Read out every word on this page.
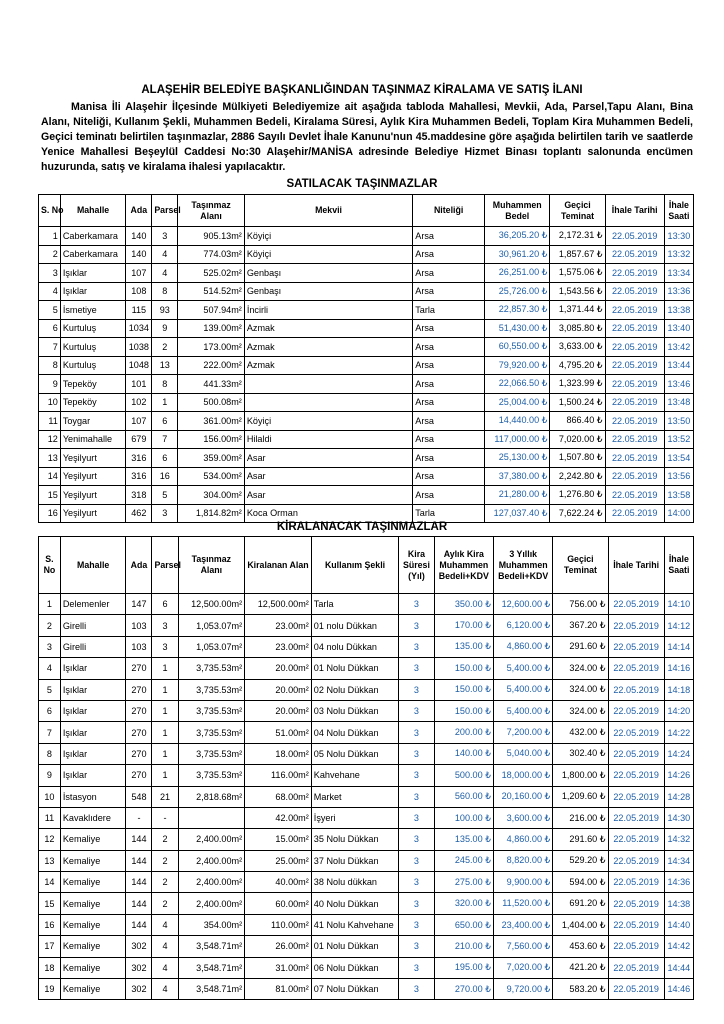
ALAŞEHİR BELEDİYE BAŞKANLIĞINDAN TAŞINMAZ KİRALAMA VE SATIŞ İLANI
Manisa İli Alaşehir İlçesinde Mülkiyeti Belediyemize ait aşağıda tabloda Mahallesi, Mevkii, Ada, Parsel,Tapu Alanı, Bina Alanı, Niteliği, Kullanım Şekli, Muhammen Bedeli, Kiralama Süresi, Aylık Kira Muhammen Bedeli, Toplam Kira Muhammen Bedeli, Geçici teminatı belirtilen taşınmazlar, 2886 Sayılı Devlet İhale Kanunu'nun 45.maddesine göre aşağıda belirtilen tarih ve saatlerde Yenice Mahallesi Beşeylül Caddesi No:30 Alaşehir/MANİSA adresinde Belediye Hizmet Binası toplantı salonunda encümen huzurunda, satış ve kiralama ihalesi yapılacaktır.
SATILACAK TAŞINMAZLAR
S. No	Mahalle	Ada	Parsel	Taşınmaz Alanı	Mekvii	Niteliği	Muhammen Bedel	Geçici Teminat	İhale Tarihi	İhale Saati
1	Caberkamara	140	3	905.13m²	Köyiçi	Arsa	36,205.20 ₺	2,172.31 ₺	22.05.2019	13:30
2	Caberkamara	140	4	774.03m²	Köyiçi	Arsa	30,961.20 ₺	1,857.67 ₺	22.05.2019	13:32
3	Işıklar	107	4	525.02m²	Genbaşı	Arsa	26,251.00 ₺	1,575.06 ₺	22.05.2019	13:34
4	Işıklar	108	8	514.52m²	Genbaşı	Arsa	25,726.00 ₺	1,543.56 ₺	22.05.2019	13:36
5	İsmetiye	115	93	507.94m²	İncirli	Tarla	22,857.30 ₺	1,371.44 ₺	22.05.2019	13:38
6	Kurtuluş	1034	9	139.00m²	Azmak	Arsa	51,430.00 ₺	3,085.80 ₺	22.05.2019	13:40
7	Kurtuluş	1038	2	173.00m²	Azmak	Arsa	60,550.00 ₺	3,633.00 ₺	22.05.2019	13:42
8	Kurtuluş	1048	13	222.00m²	Azmak	Arsa	79,920.00 ₺	4,795.20 ₺	22.05.2019	13:44
9	Tepeköy	101	8	441.33m²		Arsa	22,066.50 ₺	1,323.99 ₺	22.05.2019	13:46
10	Tepeköy	102	1	500.08m²		Arsa	25,004.00 ₺	1,500.24 ₺	22.05.2019	13:48
11	Toygar	107	6	361.00m²	Köyiçi	Arsa	14,440.00 ₺	866.40 ₺	22.05.2019	13:50
12	Yenimahalle	679	7	156.00m²	Hilaldi	Arsa	117,000.00 ₺	7,020.00 ₺	22.05.2019	13:52
13	Yeşilyurt	316	6	359.00m²	Asar	Arsa	25,130.00 ₺	1,507.80 ₺	22.05.2019	13:54
14	Yeşilyurt	316	16	534.00m²	Asar	Arsa	37,380.00 ₺	2,242.80 ₺	22.05.2019	13:56
15	Yeşilyurt	318	5	304.00m²	Asar	Arsa	21,280.00 ₺	1,276.80 ₺	22.05.2019	13:58
16	Yeşilyurt	462	3	1,814.82m²	Koca Orman	Tarla	127,037.40 ₺	7,622.24 ₺	22.05.2019	14:00
KİRALANACAK TAŞINMAZLAR
S. No	Mahalle	Ada	Parsel	Taşınmaz Alanı	Kiralanan Alan	Kullanım Şekli	Kira Süresi (Yıl)	Aylık Kira Muhammen Bedeli+KDV	3 Yıllık Muhammen Bedeli+KDV	Geçici Teminat	İhale Tarihi	İhale Saati
1	Delemenler	147	6	12,500.00m²	12,500.00m²	Tarla	3	350.00 ₺	12,600.00 ₺	756.00 ₺	22.05.2019	14:10
2	Girelli	103	3	1,053.07m²	23.00m²	01 nolu Dükkan	3	170.00 ₺	6,120.00 ₺	367.20 ₺	22.05.2019	14:12
3	Girelli	103	3	1,053.07m²	23.00m²	04 nolu Dükkan	3	135.00 ₺	4,860.00 ₺	291.60 ₺	22.05.2019	14:14
4	Işıklar	270	1	3,735.53m²	20.00m²	01 Nolu Dükkan	3	150.00 ₺	5,400.00 ₺	324.00 ₺	22.05.2019	14:16
5	Işıklar	270	1	3,735.53m²	20.00m²	02 Nolu Dükkan	3	150.00 ₺	5,400.00 ₺	324.00 ₺	22.05.2019	14:18
6	Işıklar	270	1	3,735.53m²	20.00m²	03 Nolu Dükkan	3	150.00 ₺	5,400.00 ₺	324.00 ₺	22.05.2019	14:20
7	Işıklar	270	1	3,735.53m²	51.00m²	04 Nolu Dükkan	3	200.00 ₺	7,200.00 ₺	432.00 ₺	22.05.2019	14:22
8	Işıklar	270	1	3,735.53m²	18.00m²	05 Nolu Dükkan	3	140.00 ₺	5,040.00 ₺	302.40 ₺	22.05.2019	14:24
9	Işıklar	270	1	3,735.53m²	116.00m²	Kahvehane	3	500.00 ₺	18,000.00 ₺	1,800.00 ₺	22.05.2019	14:26
10	İstasyon	548	21	2,818.68m²	68.00m²	Market	3	560.00 ₺	20,160.00 ₺	1,209.60 ₺	22.05.2019	14:28
11	Kavaklıdere	-	-		42.00m²	İşyeri	3	100.00 ₺	3,600.00 ₺	216.00 ₺	22.05.2019	14:30
12	Kemaliye	144	2	2,400.00m²	15.00m²	35 Nolu Dükkan	3	135.00 ₺	4,860.00 ₺	291.60 ₺	22.05.2019	14:32
13	Kemaliye	144	2	2,400.00m²	25.00m²	37 Nolu Dükkan	3	245.00 ₺	8,820.00 ₺	529.20 ₺	22.05.2019	14:34
14	Kemaliye	144	2	2,400.00m²	40.00m²	38 Nolu dükkan	3	275.00 ₺	9,900.00 ₺	594.00 ₺	22.05.2019	14:36
15	Kemaliye	144	2	2,400.00m²	60.00m²	40 Nolu Dükkan	3	320.00 ₺	11,520.00 ₺	691.20 ₺	22.05.2019	14:38
16	Kemaliye	144	4	354.00m²	110.00m²	41 Nolu Kahvehane	3	650.00 ₺	23,400.00 ₺	1,404.00 ₺	22.05.2019	14:40
17	Kemaliye	302	4	3,548.71m²	26.00m²	01 Nolu Dükkan	3	210.00 ₺	7,560.00 ₺	453.60 ₺	22.05.2019	14:42
18	Kemaliye	302	4	3,548.71m²	31.00m²	06 Nolu Dükkan	3	195.00 ₺	7,020.00 ₺	421.20 ₺	22.05.2019	14:44
19	Kemaliye	302	4	3,548.71m²	81.00m²	07 Nolu Dükkan	3	270.00 ₺	9,720.00 ₺	583.20 ₺	22.05.2019	14:46
